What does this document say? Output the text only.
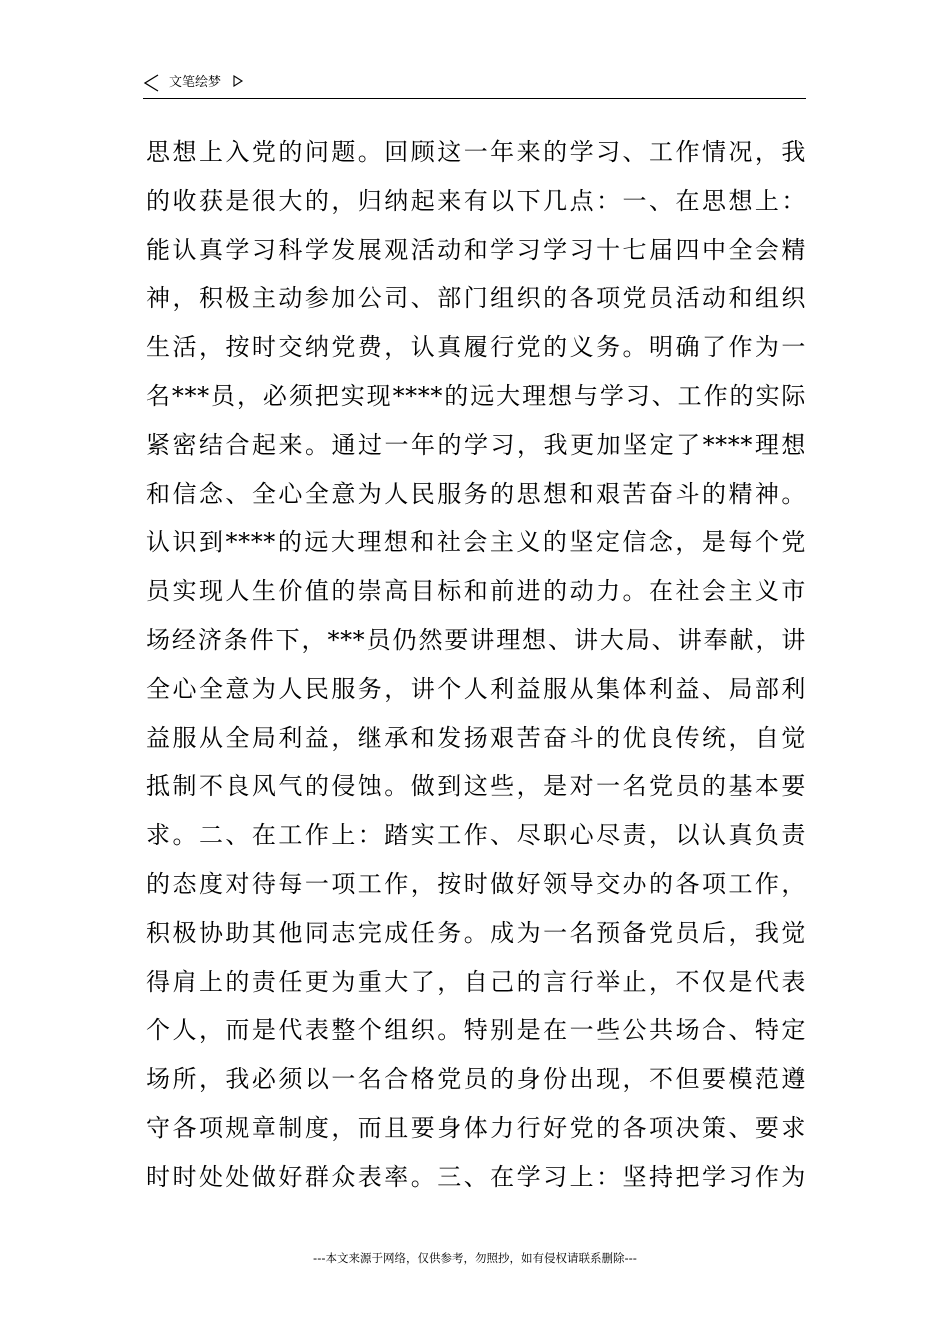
文笔绘梦
思想上入党的问题。回顾这一年来的学习、工作情况，我
的收获是很大的，归纳起来有以下几点：一、在思想上：
能认真学习科学发展观活动和学习学习十七届四中全会精
神，积极主动参加公司、部门组织的各项党员活动和组织
生活，按时交纳党费，认真履行党的义务。明确了作为一
名***员，必须把实现****的远大理想与学习、工作的实际
紧密结合起来。通过一年的学习，我更加坚定了****理想
和信念、全心全意为人民服务的思想和艰苦奋斗的精神。
认识到****的远大理想和社会主义的坚定信念，是每个党
员实现人生价值的崇高目标和前进的动力。在社会主义市
场经济条件下，***员仍然要讲理想、讲大局、讲奉献，讲
全心全意为人民服务，讲个人利益服从集体利益、局部利
益服从全局利益，继承和发扬艰苦奋斗的优良传统，自觉
抵制不良风气的侵蚀。做到这些，是对一名党员的基本要
求。二、在工作上：踏实工作、尽职心尽责，以认真负责
的态度对待每一项工作，按时做好领导交办的各项工作，
积极协助其他同志完成任务。成为一名预备党员后，我觉
得肩上的责任更为重大了，自己的言行举止，不仅是代表
个人，而是代表整个组织。特别是在一些公共场合、特定
场所，我必须以一名合格党员的身份出现，不但要模范遵
守各项规章制度，而且要身体力行好党的各项决策、要求
时时处处做好群众表率。三、在学习上：坚持把学习作为
---本文来源于网络，仅供参考，勿照抄，如有侵权请联系删除---
